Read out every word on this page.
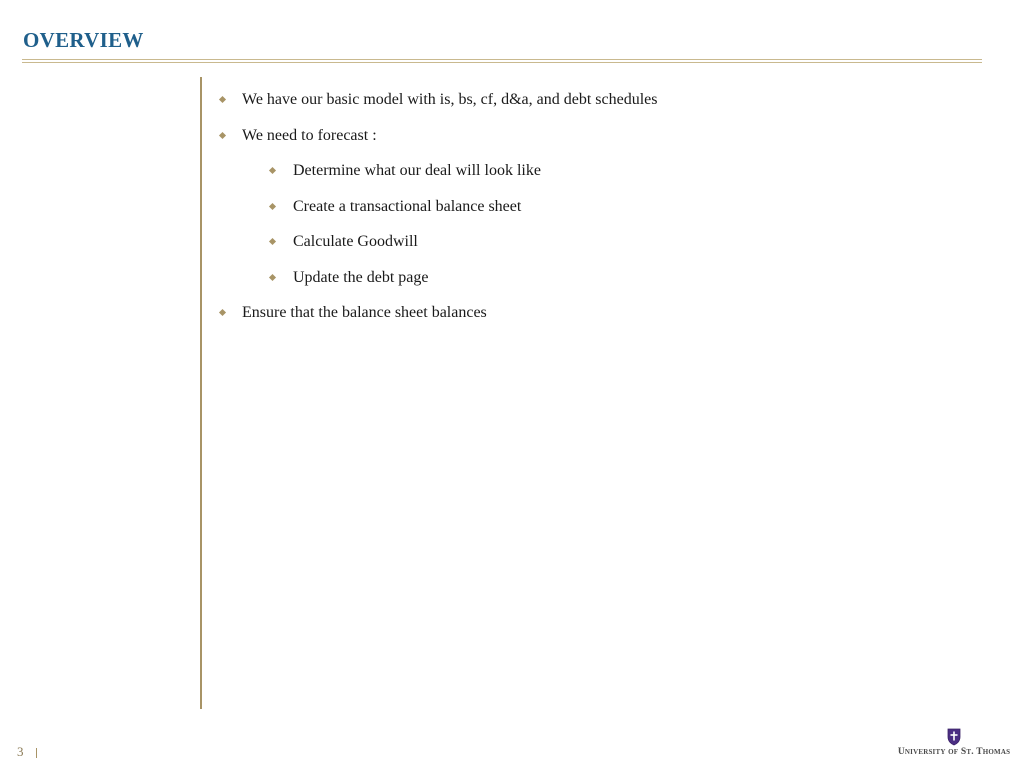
OVERVIEW
We have our basic model with is, bs, cf, d&a, and debt schedules
We need to forecast :
Determine what our deal will look like
Create a transactional balance sheet
Calculate Goodwill
Update the debt page
Ensure that the balance sheet balances
3	University of St. Thomas
